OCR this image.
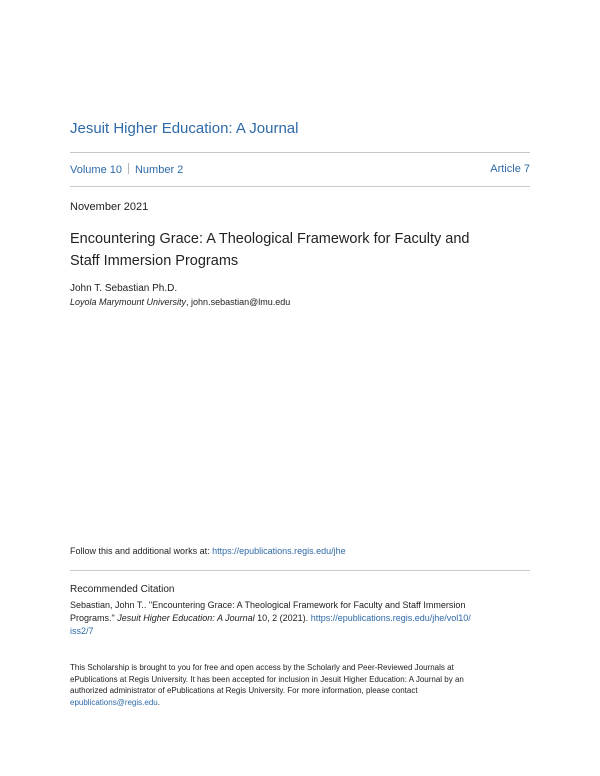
Jesuit Higher Education: A Journal
Volume 10 Number 2	Article 7
November 2021
Encountering Grace: A Theological Framework for Faculty and
Staff Immersion Programs
John T. Sebastian Ph.D.
Loyola Marymount University, john.sebastian@lmu.edu
Follow this and additional works at: https://epublications.regis.edu/jhe
Recommended Citation
Sebastian, John T.. "Encountering Grace: A Theological Framework for Faculty and Staff Immersion
Programs." Jesuit Higher Education: A Journal 10, 2 (2021). https://epublications.regis.edu/jhe/vol10/
iss2/7
This Scholarship is brought to you for free and open access by the Scholarly and Peer-Reviewed Journals at
ePublications at Regis University. It has been accepted for inclusion in Jesuit Higher Education: A Journal by an
authorized administrator of ePublications at Regis University. For more information, please contact
epublications@regis.edu.
